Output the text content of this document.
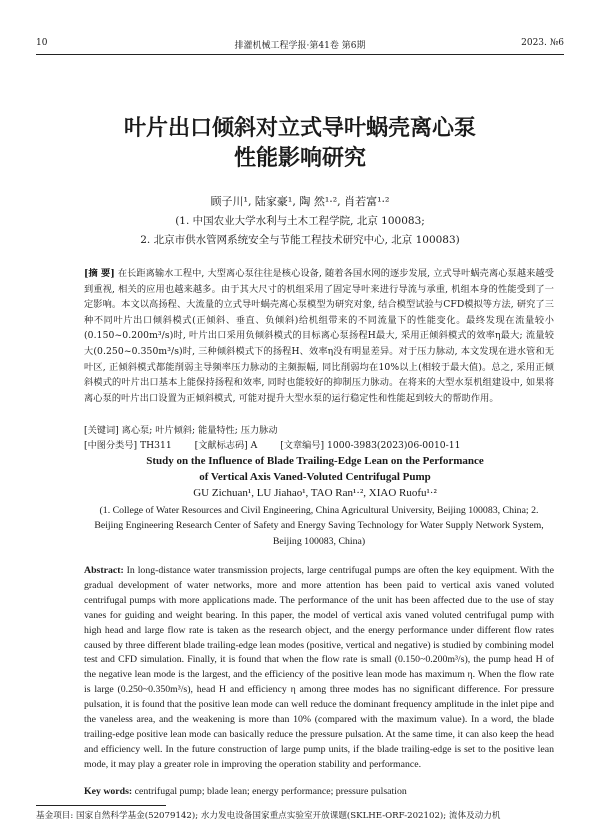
10	排灌机械工程学报·第41卷 第6期	2023. №6
叶片出口倾斜对立式导叶蜗壳离心泵
性能影响研究
顾子川¹, 陆家豪¹, 陶 然¹·², 肖若富¹·²
(1. 中国农业大学水利与土木工程学院, 北京 100083;
2. 北京市供水管网系统安全与节能工程技术研究中心, 北京 100083)
[摘 要] 在长距离输水工程中, 大型离心泵往往是核心设备, 随着各国水网的逐步发展, 立式导叶蜗壳离心泵越来越受到重视, 相关的应用也越来越多。由于其大尺寸的机组采用了固定导叶来进行导流与承重, 机组本身的性能受到了一定影响。本文以高扬程、大流量的立式导叶蜗壳离心泵模型为研究对象, 结合模型试验与CFD模拟等方法, 研究了三种不同叶片出口倾斜模式(正倾斜、垂直、负倾斜)给机组带来的不同流量下的性能变化。最终发现在流量较小(0.150~0.200m³/s)时, 叶片出口采用负倾斜模式的目标离心泵扬程H最大, 采用正倾斜模式的效率η最大; 流量较大(0.250~0.350m³/s)时, 三种倾斜模式下的扬程H、效率η没有明显差异。对于压力脉动, 本文发现在进水管和无叶区, 正倾斜模式都能削弱主导频率压力脉动的主频振幅, 同比削弱均在10%以上(相较于最大值)。总之, 采用正倾斜模式的叶片出口基本上能保持扬程和效率, 同时也能较好的抑制压力脉动。在将来的大型水泵机组建设中, 如果将离心泵的叶片出口设置为正倾斜模式, 可能对提升大型水泵的运行稳定性和性能起到较大的帮助作用。
[关键词] 离心泵; 叶片倾斜; 能量特性; 压力脉动
[中图分类号] TH311 [文献标志码] A [文章编号] 1000-3983(2023)06-0010-11
Study on the Influence of Blade Trailing-Edge Lean on the Performance
of Vertical Axis Vaned-Voluted Centrifugal Pump
GU Zichuan¹, LU Jiahao¹, TAO Ran¹·², XIAO Ruofu¹·²
(1. College of Water Resources and Civil Engineering, China Agricultural University, Beijing 100083, China; 2. Beijing Engineering Research Center of Safety and Energy Saving Technology for Water Supply Network System, Beijing 100083, China)
Abstract: In long-distance water transmission projects, large centrifugal pumps are often the key equipment. With the gradual development of water networks, more and more attention has been paid to vertical axis vaned voluted centrifugal pumps with more applications made. The performance of the unit has been affected due to the use of stay vanes for guiding and weight bearing. In this paper, the model of vertical axis vaned voluted centrifugal pump with high head and large flow rate is taken as the research object, and the energy performance under different flow rates caused by three different blade trailing-edge lean modes (positive, vertical and negative) is studied by combining model test and CFD simulation. Finally, it is found that when the flow rate is small (0.150~0.200m³/s), the pump head H of the negative lean mode is the largest, and the efficiency of the positive lean mode has maximum η. When the flow rate is large (0.250~0.350m³/s), head H and efficiency η among three modes has no significant difference. For pressure pulsation, it is found that the positive lean mode can well reduce the dominant frequency amplitude in the inlet pipe and the vaneless area, and the weakening is more than 10% (compared with the maximum value). In a word, the blade trailing-edge positive lean mode can basically reduce the pressure pulsation. At the same time, it can also keep the head and efficiency well. In the future construction of large pump units, if the blade trailing-edge is set to the positive lean mode, it may play a greater role in improving the operation stability and performance.
Key words: centrifugal pump; blade lean; energy performance; pressure pulsation
基金项目: 国家自然科学基金(52079142); 水力发电设备国家重点实验室开放课题(SKLHE-ORF-202102); 流体及动力机
